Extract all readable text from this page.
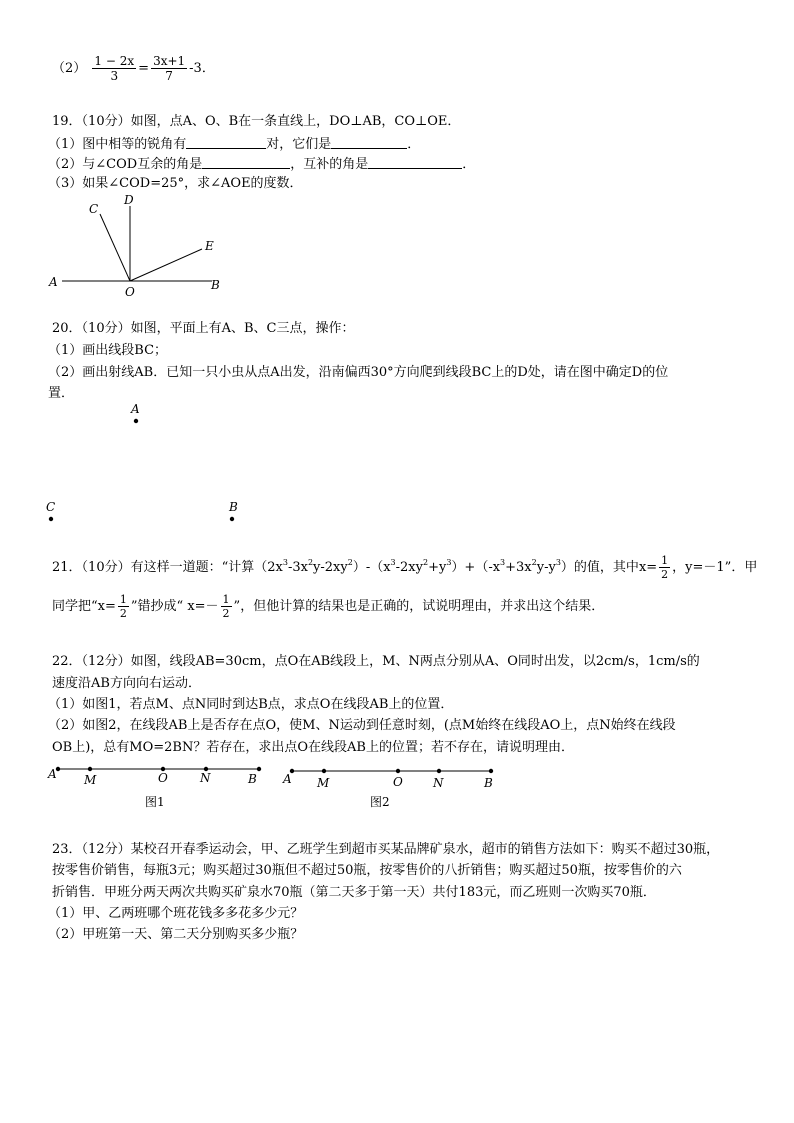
$(2) \frac{1 - 2x}{3} = \frac{3x+1}{7} -3$．
19．（10分）如图，点A、O、B在一条直线上，DO⊥AB，CO⊥OE．
（1）图中相等的锐角有	对，它们是	．
（2）与∠COD互余的角是	，互补的角是	．
（3）如果∠COD=25°，求∠AOE的度数．
C
D
E
A
O	B
20．（10分）如图，平面上有A、B、C三点，操作：
（1）画出线段BC；
（2）画出射线AB．已知一只小虫从点A出发，沿南偏西30°方向爬到线段BC上的D处，请在图中确定D的位
置．
A
C	B
21．（10分）有这样一道题：“计算$(2x^3-3x^2y-2xy^2)-(x^3-2xy^2+y^3)+(-x^3+3x^2y-y^3)$的值，其中$x= \frac{1}{2}$ ，y=－1”．甲
同学把“$x= \frac{1}{2}$ ”错抄成“ $x=- \frac{1}{2}$ ”，但他计算的结果也是正确的，试说明理由，并求出这个结果．
22．（12分）如图，线段AB=30cm，点O在AB线段上，M、N两点分别从A、O同时出发，以2cm/s，1cm/s的
速度沿AB方向向右运动．
（1）如图1，若点M、点N同时到达B点，求点O在线段AB上的位置．
（2）如图2，在线段AB上是否存在点O，使M、N运动到任意时刻，(点M始终在线段AO上，点N始终在线段
OB上)，总有MO=2BN？若存在，求出点O在线段AB上的位置；若不存在，请说明理由．
A M	O	N	B
图1
A M	O	N	B
图2
23．（12分）某校召开春季运动会，甲、乙班学生到超市买某品牌矿泉水，超市的销售方法如下：购买不超过30瓶，
按零售价销售，每瓶3元；购买超过30瓶但不超过50瓶，按零售价的八折销售；购买超过50瓶，按零售价的六
折销售．甲班分两天两次共购买矿泉水70瓶（第二天多于第一天）共付183元，而乙班则一次购买70瓶．
（1）甲、乙两班哪个班花钱多多花多少元？
（2）甲班第一天、第二天分别购买多少瓶？
